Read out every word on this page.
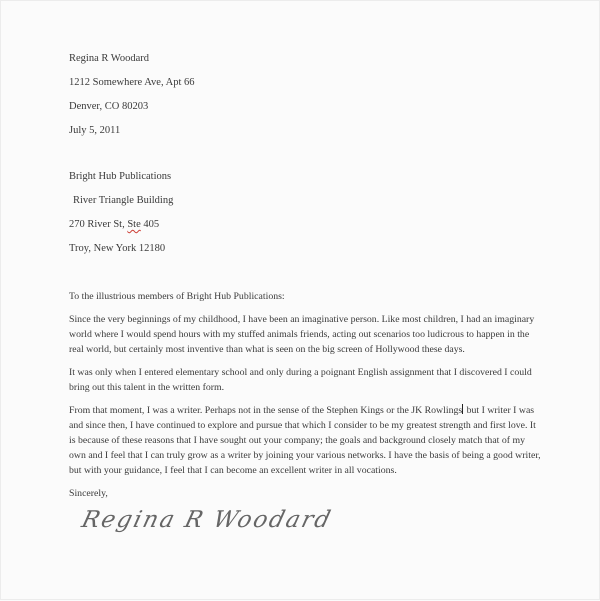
Regina R Woodard

1212 Somewhere Ave, Apt 66

Denver, CO 80203

July 5, 2011

Bright Hub Publications

River Triangle Building

270 River St, Ste 405

Troy, New York 12180

To the illustrious members of Bright Hub Publications:

Since the very beginnings of my childhood, I have been an imaginative person. Like most children, I had an imaginary world where I would spend hours with my stuffed animals friends, acting out scenarios too ludicrous to happen in the real world, but certainly most inventive than what is seen on the big screen of Hollywood these days.

It was only when I entered elementary school and only during a poignant English assignment that I discovered I could bring out this talent in the written form.

From that moment, I was a writer. Perhaps not in the sense of the Stephen Kings or the JK Rowlings but I writer I was and since then, I have continued to explore and pursue that which I consider to be my greatest strength and first love. It is because of these reasons that I have sought out your company; the goals and background closely match that of my own and I feel that I can truly grow as a writer by joining your various networks. I have the basis of being a good writer, but with your guidance, I feel that I can become an excellent writer in all vocations.

Sincerely,

Regina R Woodard
